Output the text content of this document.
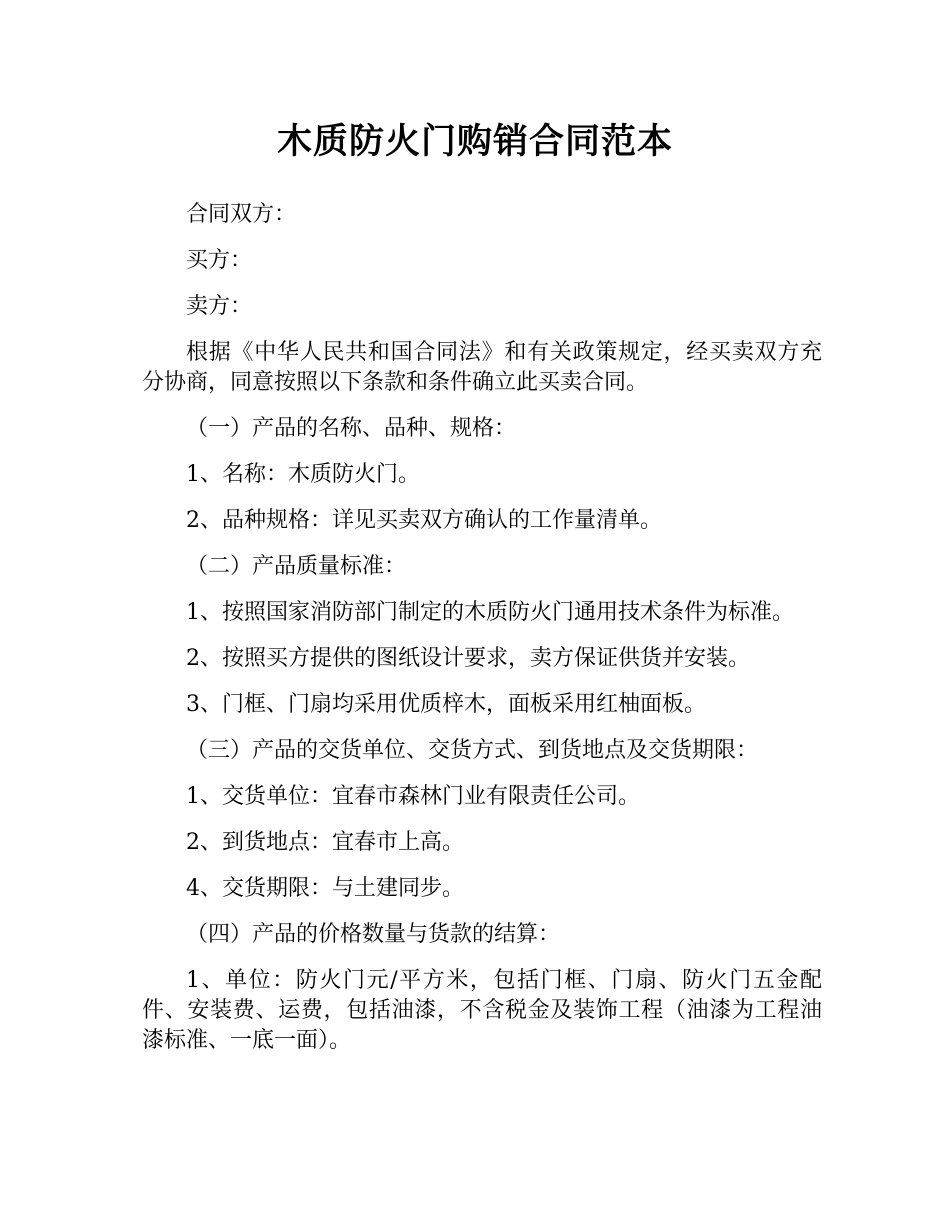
木质防火门购销合同范本

合同双方：

买方：

卖方：

根据《中华人民共和国合同法》和有关政策规定，经买卖双方充分协商，同意按照以下条款和条件确立此买卖合同。

（一）产品的名称、品种、规格：

1、名称：木质防火门。

2、品种规格：详见买卖双方确认的工作量清单。

（二）产品质量标准：

1、按照国家消防部门制定的木质防火门通用技术条件为标准。

2、按照买方提供的图纸设计要求，卖方保证供货并安装。

3、门框、门扇均采用优质梓木，面板采用红柚面板。

（三）产品的交货单位、交货方式、到货地点及交货期限：

1、交货单位：宜春市森林门业有限责任公司。

2、到货地点：宜春市上高。

4、交货期限：与土建同步。

（四）产品的价格数量与货款的结算：

1、单位：防火门元/平方米，包括门框、门扇、防火门五金配件、安装费、运费，包括油漆，不含税金及装饰工程（油漆为工程油漆标准、一底一面）。
